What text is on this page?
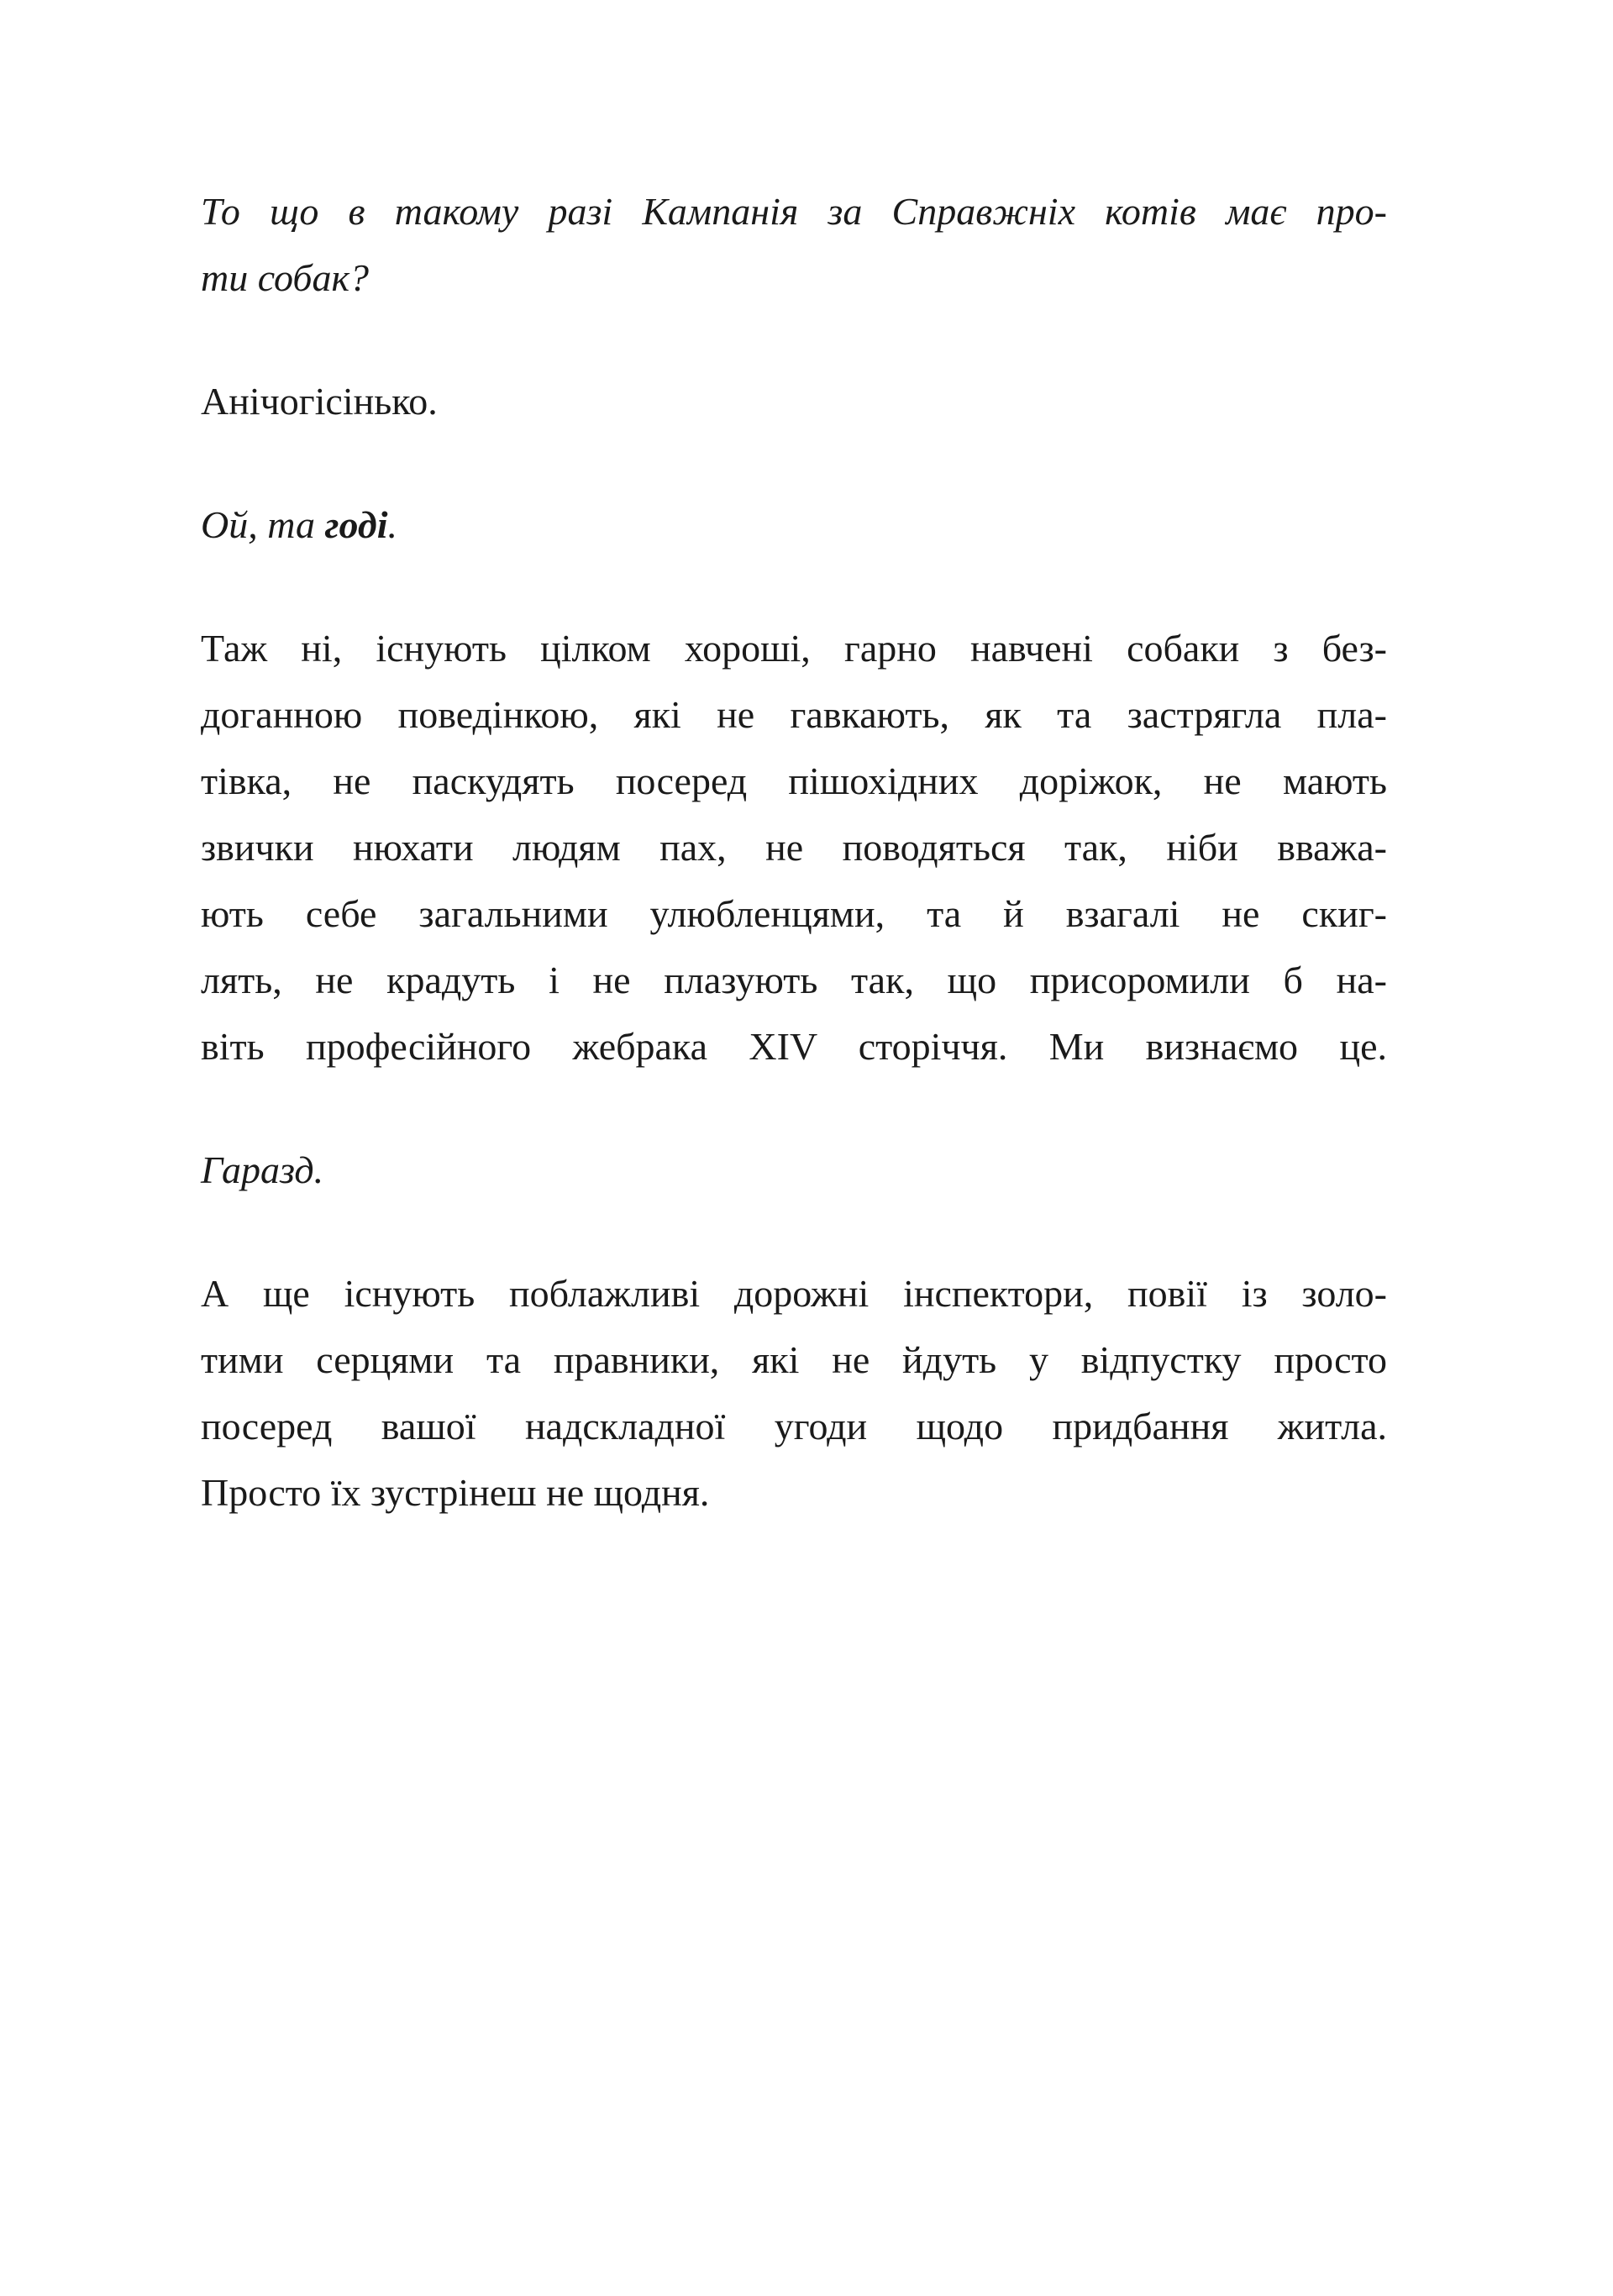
То що в такому разі Кампанія за Справжніх котів має про-
ти собак?

Анічогісінько.

Ой, та годі.

Таж ні, існують цілком хороші, гарно навчені собаки з без-
доганною поведінкою, які не гавкають, як та застрягла пла-
тівка, не паскудять посеред пішохідних доріжок, не мають
звички нюхати людям пах, не поводяться так, ніби вважа-
ють себе загальними улюбленцями, та й взагалі не скиг-
лять, не крадуть і не плазують так, що присоромили б на-
віть професійного жебрака XIV сторіччя. Ми визнаємо це.

Гаразд.

А ще існують поблажливі дорожні інспектори, повії із золо-
тими серцями та правники, які не йдуть у відпустку просто
посеред вашої надскладної угоди щодо придбання житла.
Просто їх зустрінеш не щодня.
